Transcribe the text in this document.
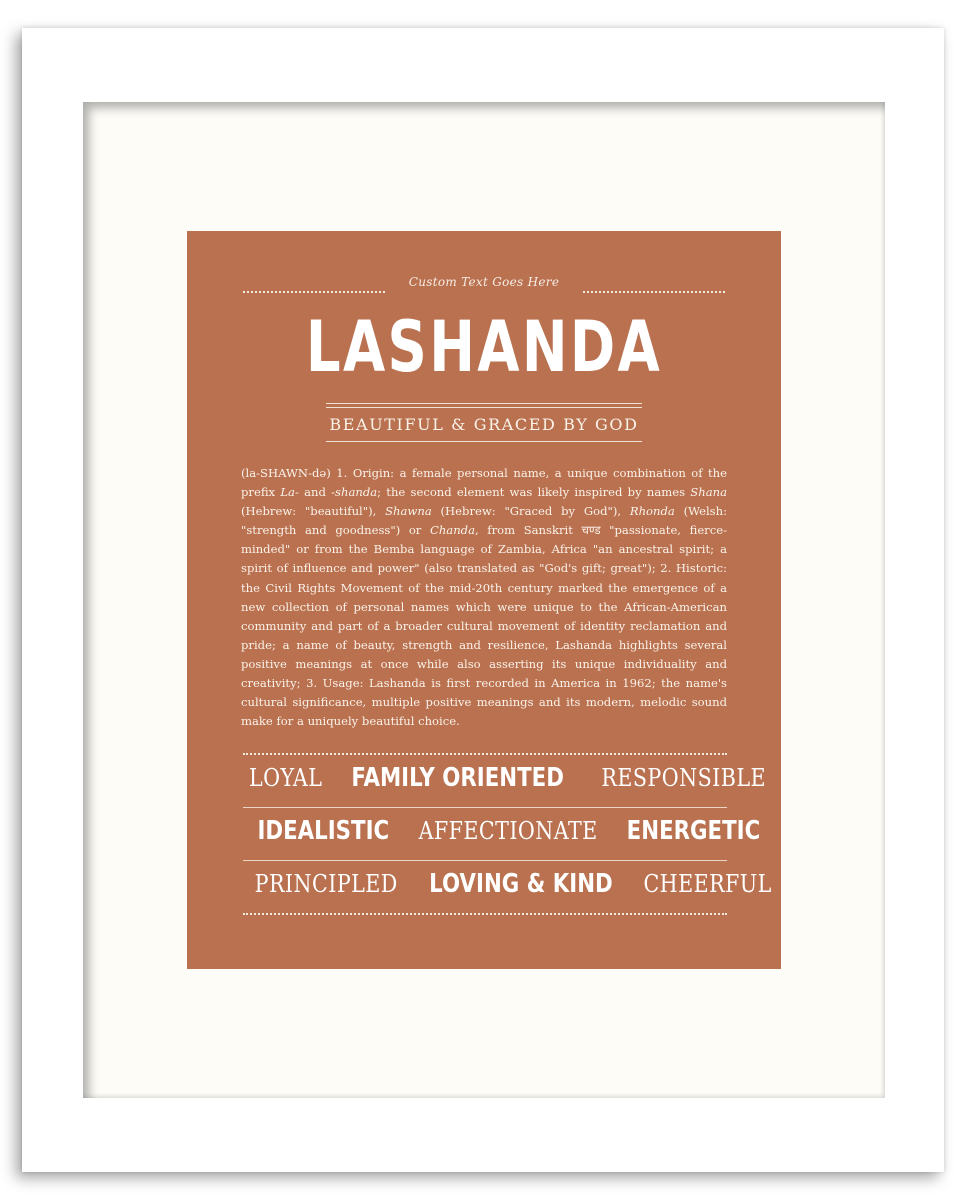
Custom Text Goes Here
LASHANDA
BEAUTIFUL & GRACED BY GOD
(la-SHAWN-də) 1. Origin: a female personal name, a unique combination of the prefix La- and -shanda; the second element was likely inspired by names Shana (Hebrew: "beautiful"), Shawna (Hebrew: "Graced by God"), Rhonda (Welsh: "strength and goodness") or Chanda, from Sanskrit चण्ड "passionate, fierce-minded" or from the Bemba language of Zambia, Africa "an ancestral spirit; a spirit of influence and power" (also translated as "God's gift; great"); 2. Historic: the Civil Rights Movement of the mid-20th century marked the emergence of a new collection of personal names which were unique to the African-American community and part of a broader cultural movement of identity reclamation and pride; a name of beauty, strength and resilience, Lashanda highlights several positive meanings at once while also asserting its unique individuality and creativity; 3. Usage: Lashanda is first recorded in America in 1962; the name's cultural significance, multiple positive meanings and its modern, melodic sound make for a uniquely beautiful choice.
LOYAL FAMILY ORIENTED RESPONSIBLE
IDEALISTIC AFFECTIONATE ENERGETIC
PRINCIPLED LOVING & KIND CHEERFUL
